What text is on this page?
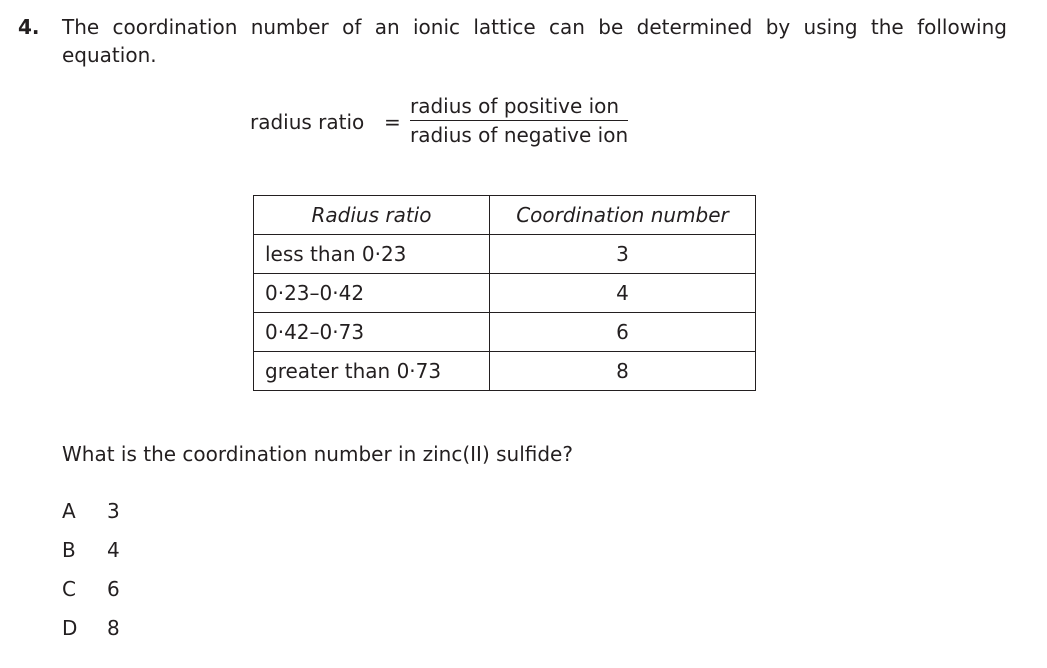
4. The coordination number of an ionic lattice can be determined by using the following equation.
radius ratio =
radius of positive ion
radius of negative ion
Radius ratio	Coordination number
less than 0·23	3
0·23–0·42	4
0·42–0·73	6
greater than 0·73	8
What is the coordination number in zinc(II) sulfide?
A	3
B	4
C	6
D	8
